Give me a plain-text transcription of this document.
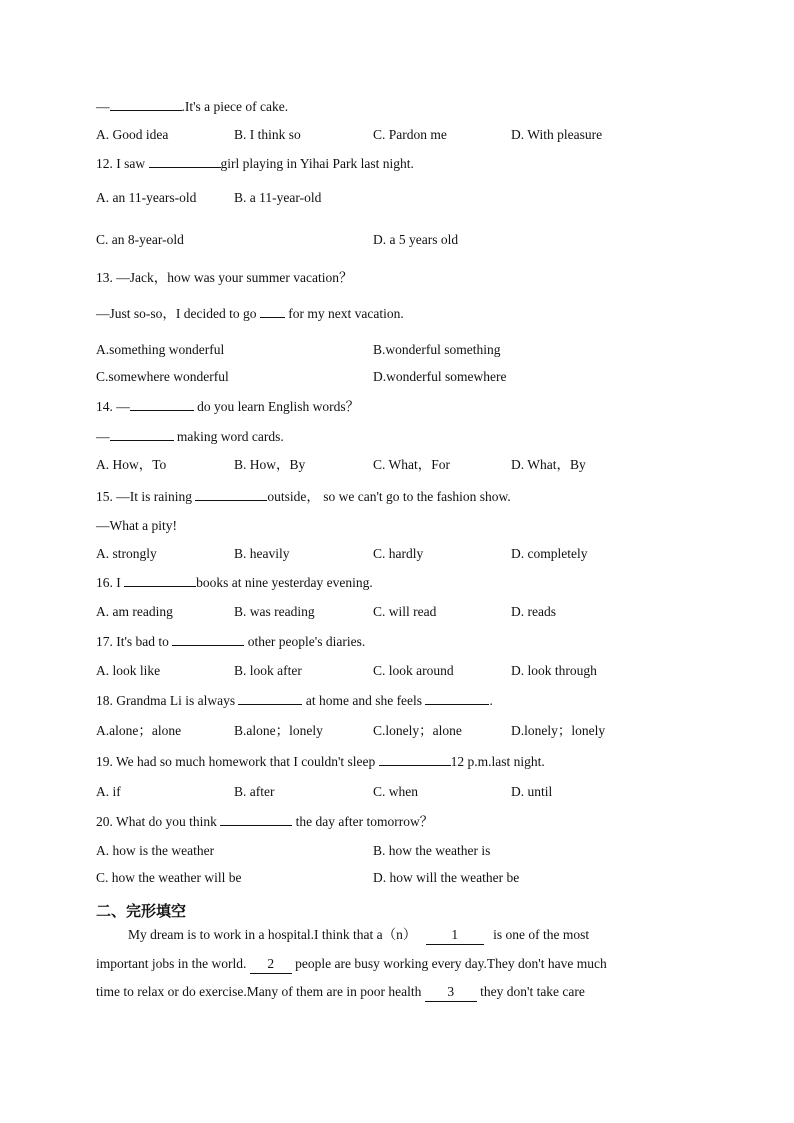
—	.It's a piece of cake.
A. Good idea	B. I think so	C. Pardon me	D. With pleasure
12. I saw	girl playing in Yihai Park last night.
A. an 11-years-old	B. a 11-year-old
C. an 8-year-old	D. a 5 years old
13. —Jack，how was your summer vacation？
—Just so-so，I decided to go  for my next vacation.
A.something wonderful	B.wonderful something
C.somewhere wonderful	D.wonderful somewhere
14. —	do you learn English words？
—	making word cards.
A. How，To	B. How，By	C. What，For	D. What，By
15. —It is raining	outside， so we can't go to the fashion show.
—What a pity!
A. strongly	B. heavily	C. hardly	D. completely
16. I	books at nine yesterday evening.
A. am reading	B. was reading	C. will read	D. reads
17. It's bad to	other people's diaries.
A. look like	B. look after	C. look around	D. look through
18. Grandma Li is always	at home and she feels	.
A.alone；alone	B.alone；lonely	C.lonely；alone	D.lonely；lonely
19. We had so much homework that I couldn't sleep	12 p.m.last night.
A. if	B. after	C. when	D. until
20. What do you think	the day after tomorrow？
A. how is the weather	B. how the weather is
C. how the weather will be	D. how will the weather be
二、完形填空
My dream is to work in a hospital.I think that a（n）	1	is one of the most
important jobs in the world. 2 people are busy working every day.They don't have much
time to relax or do exercise.Many of them are in poor health 3 they don't take care
